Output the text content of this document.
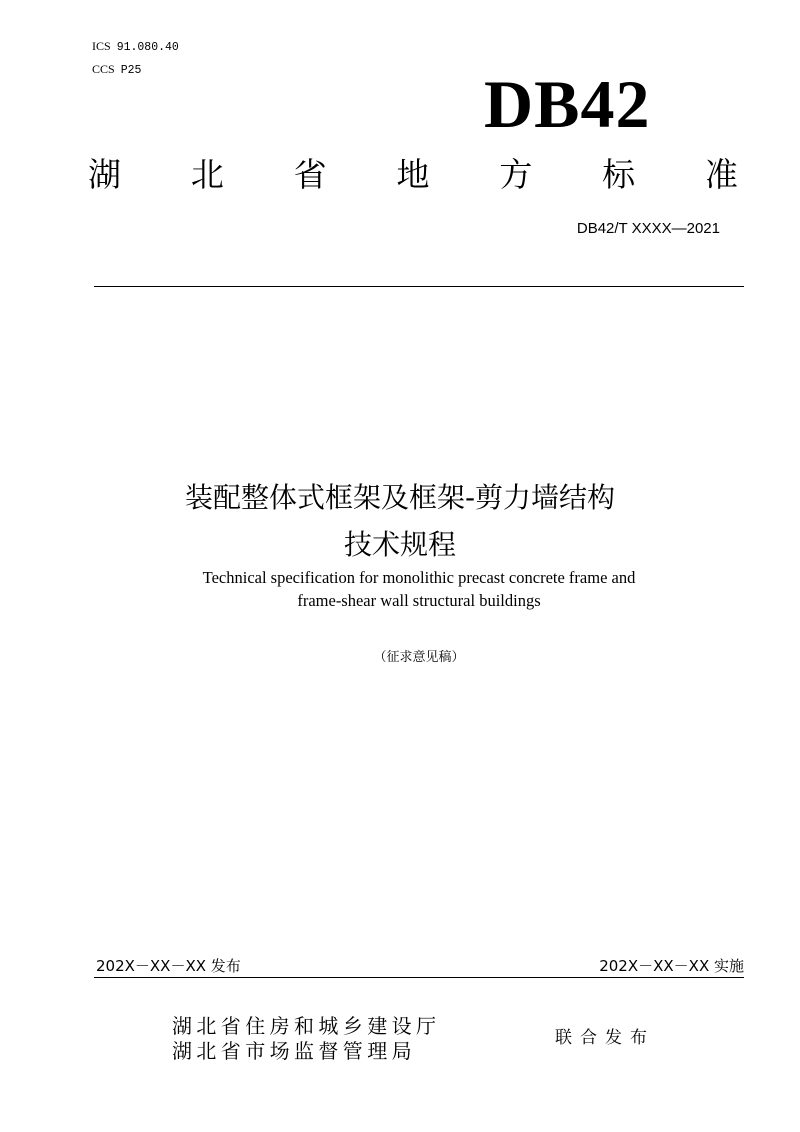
ICS 91.080.40
CCS P25	DB42
湖 北 省 地 方 标 准
DB42/T XXXX—2021
装配整体式框架及框架-剪力墙结构
技术规程
Technical specification for monolithic precast concrete frame and
frame-shear wall structural buildings
（征求意见稿）
202X－XX－XX 发布	202X－XX－XX 实施
湖北省住房和城乡建设厅
湖北省市场监督管理局
联合发布
